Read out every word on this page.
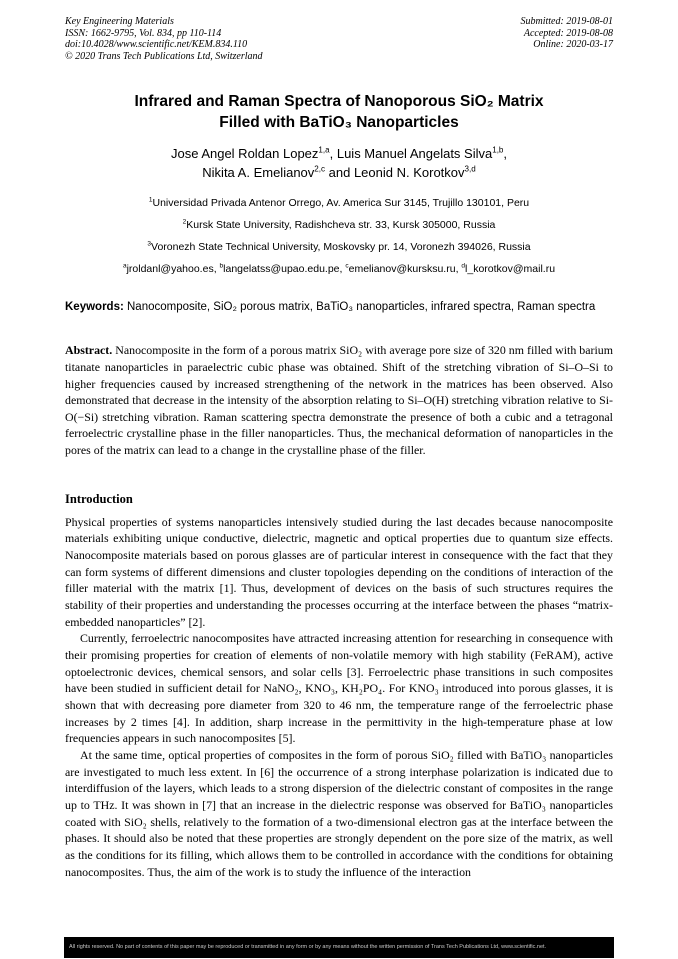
Key Engineering Materials
ISSN: 1662-9795, Vol. 834, pp 110-114
doi:10.4028/www.scientific.net/KEM.834.110
© 2020 Trans Tech Publications Ltd, Switzerland
Submitted: 2019-08-01
Accepted: 2019-08-08
Online: 2020-03-17
Infrared and Raman Spectra of Nanoporous SiO₂ Matrix
Filled with BaTiO₃ Nanoparticles
Jose Angel Roldan Lopez$^{1,a}$, Luis Manuel Angelats Silva$^{1,b}$,
Nikita A. Emelianov$^{2,c}$ and Leonid N. Korotkov$^{3,d}$
$^1$Universidad Privada Antenor Orrego, Av. America Sur 3145, Trujillo 130101, Peru
$^2$Kursk State University, Radishcheva str. 33, Kursk 305000, Russia
$^3$Voronezh State Technical University, Moskovsky pr. 14, Voronezh 394026, Russia
$^a$jroldanl@yahoo.es, $^b$langelatss@upao.edu.pe, $^c$emelianov@kursksu.ru, $^d$l_korotkov@mail.ru
Keywords: Nanocomposite, SiO₂ porous matrix, BaTiO₃ nanoparticles, infrared spectra, Raman spectra
Abstract. Nanocomposite in the form of a porous matrix SiO₂ with average pore size of 320 nm filled with barium titanate nanoparticles in paraelectric cubic phase was obtained. Shift of the stretching vibration of Si–O–Si to higher frequencies caused by increased strengthening of the network in the matrices has been observed. Also demonstrated that decrease in the intensity of the absorption relating to Si–O(H) stretching vibration relative to Si-O(−Si) stretching vibration. Raman scattering spectra demonstrate the presence of both a cubic and a tetragonal ferroelectric crystalline phase in the filler nanoparticles. Thus, the mechanical deformation of nanoparticles in the pores of the matrix can lead to a change in the crystalline phase of the filler.
Introduction

Physical properties of systems nanoparticles intensively studied during the last decades because nanocomposite materials exhibiting unique conductive, dielectric, magnetic and optical properties due to quantum size effects. Nanocomposite materials based on porous glasses are of particular interest in consequence with the fact that they can form systems of different dimensions and cluster topologies depending on the conditions of interaction of the filler material with the matrix [1]. Thus, development of devices on the basis of such structures requires the stability of their properties and understanding the processes occurring at the interface between the phases “matrix-embedded nanoparticles” [2].

Currently, ferroelectric nanocomposites have attracted increasing attention for researching in consequence with their promising properties for creation of elements of non-volatile memory with high stability (FeRAM), active optoelectronic devices, chemical sensors, and solar cells [3]. Ferroelectric phase transitions in such composites have been studied in sufficient detail for NaNO₂, KNO₃, KH₂PO₄. For KNO₃ introduced into porous glasses, it is shown that with decreasing pore diameter from 320 to 46 nm, the temperature range of the ferroelectric phase increases by 2 times [4]. In addition, sharp increase in the permittivity in the high-temperature phase at low frequencies appears in such nanocomposites [5].

At the same time, optical properties of composites in the form of porous SiO₂ filled with BaTiO₃ nanoparticles are investigated to much less extent. In [6] the occurrence of a strong interphase polarization is indicated due to interdiffusion of the layers, which leads to a strong dispersion of the dielectric constant of composites in the range up to THz. It was shown in [7] that an increase in the dielectric response was observed for BaTiO₃ nanoparticles coated with SiO₂ shells, relatively to the formation of a two-dimensional electron gas at the interface between the phases. It should also be noted that these properties are strongly dependent on the pore size of the matrix, as well as the conditions for its filling, which allows them to be controlled in accordance with the conditions for obtaining nanocomposites. Thus, the aim of the work is to study the influence of the interaction

All rights reserved. No part of contents of this paper may be reproduced or transmitted in any form or by any means without the written permission of Trans Tech Publications Ltd, www.scientific.net.
